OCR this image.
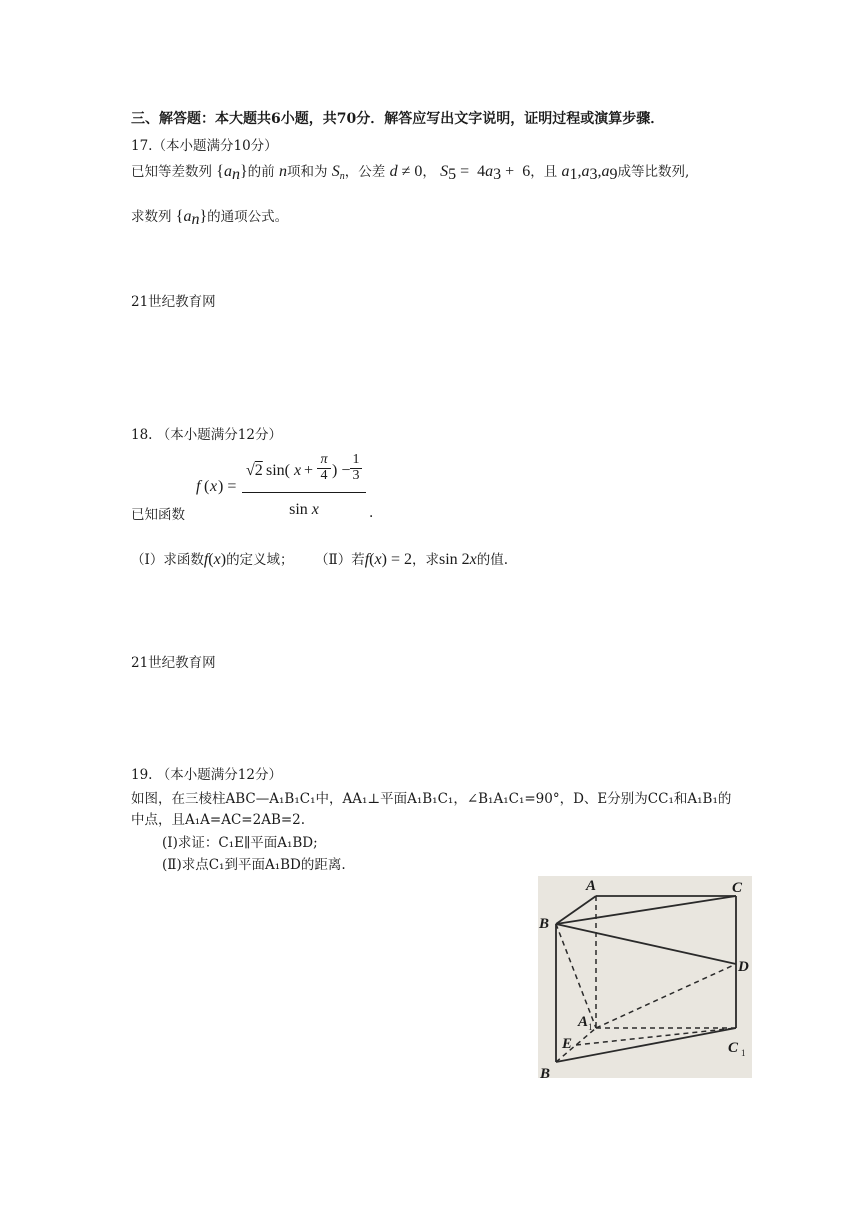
三、解答题：本大题共6小题，共70分．解答应写出文字说明，证明过程或演算步骤．
17.（本小题满分10分）
已知等差数列 $\{a_n\}$的前 n项和为 $S_n$，公差 d ≠ 0， $S_5 = 4a_3 + 6$，且 $a_1,a_3,a_9$成等比数列,
求数列 $\{a_n\}$的通项公式。
21世纪教育网
18. （本小题满分12分）
已知函数
f ( x ) =
√2 sin( x +
π
4 ) −
1
3
sin x	.
（Ⅰ）求函数f(x)的定义域； （Ⅱ）若f(x) = 2，求sin 2x的值.
21世纪教育网
19. （本小题满分12分）
如图，在三棱柱ABC—A₁B₁C₁中，AA₁⊥平面A₁B₁C₁，∠B₁A₁C₁=90°，D、E分别为CC₁和A₁B₁的
中点，且A₁A=AC=2AB=2.
(Ⅰ)求证：C₁E∥平面A₁BD;
(Ⅱ)求点C₁到平面A₁BD的距离.
A	C
B
D
A
E	C
B
1
1
